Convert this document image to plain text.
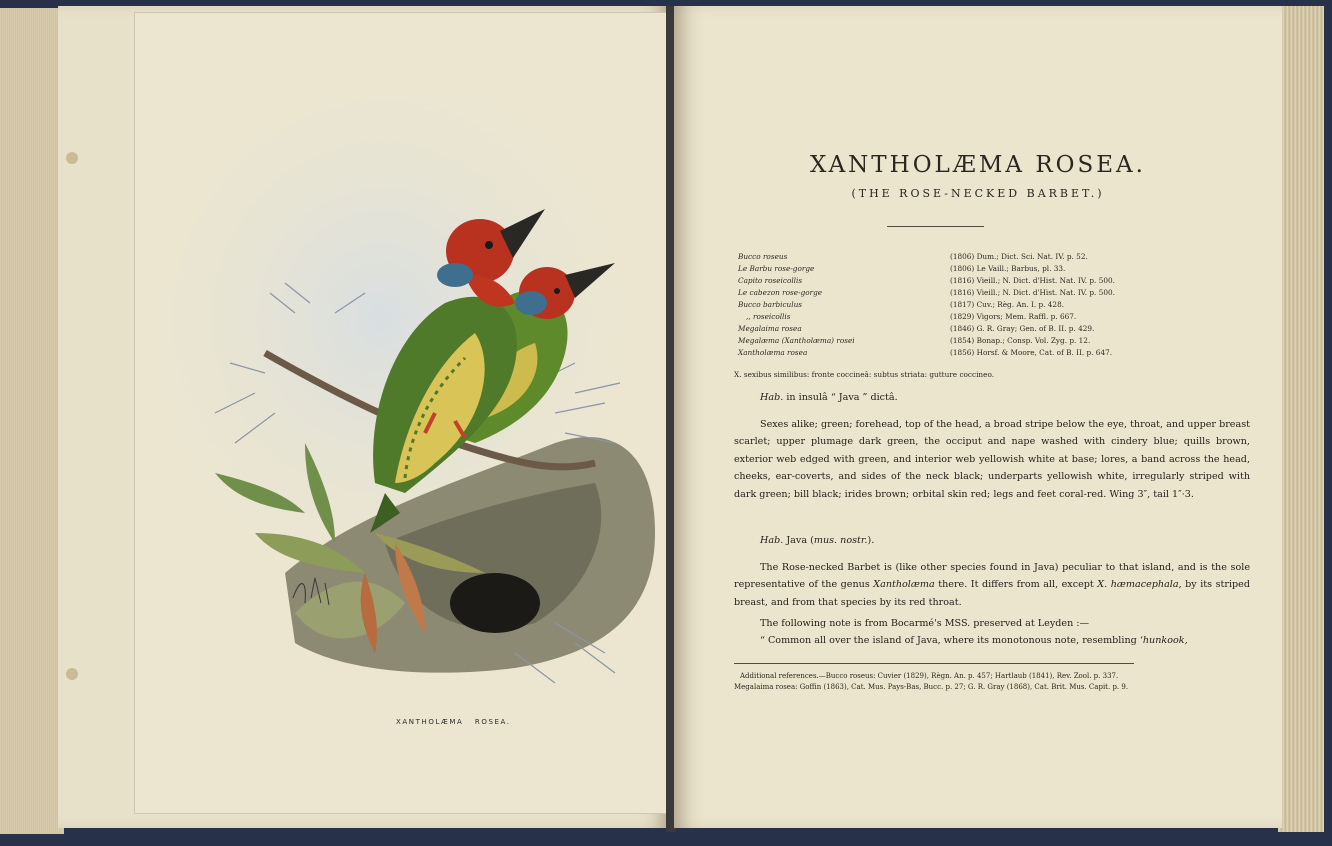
XANTHOLÆMA   ROSEA.
XANTHOLÆMA ROSEA.
(THE ROSE-NECKED BARBET.)
Bucco roseus	(1806) Dum.; Dict. Sci. Nat. IV. p. 52.
Le Barbu rose-gorge	(1806) Le Vaill.; Barbus, pl. 33.
Capito roseicollis	(1816) Vieill.; N. Dict. d'Hist. Nat. IV. p. 500.
Le cabezon rose-gorge	(1816) Vieill.; N. Dict. d'Hist. Nat. IV. p. 500.
Bucco barbiculus	(1817) Cuv.; Règ. An. I. p. 428.
,, roseicollis	(1829) Vigors; Mem. Raffl. p. 667.
Megalaima rosea	(1846) G. R. Gray; Gen. of B. II. p. 429.
Megalæma (Xantholæma) rosei	(1854) Bonap.; Consp. Vol. Zyg. p. 12.
Xantholæma rosea	(1856) Horsf. & Moore, Cat. of B. II. p. 647.
X. sexibus similibus: fronte coccineâ: subtus striata: gutture coccineo.
Hab. in insulâ “ Java ” dictâ.
Sexes alike; green; forehead, top of the head, a broad stripe below the eye, throat, and upper breast scarlet; upper plumage dark green, the occiput and nape washed with cindery blue; quills brown, exterior web edged with green, and interior web yellowish white at base; lores, a band across the head, cheeks, ear-coverts, and sides of the neck black; underparts yellowish white, irregularly striped with dark green; bill black; irides brown; orbital skin red; legs and feet coral-red. Wing 3″, tail 1″·3.
Hab. Java (mus. nostr.).
The Rose-necked Barbet is (like other species found in Java) peculiar to that island, and is the sole representative of the genus Xantholæma there. It differs from all, except X. hæmacephala, by its striped breast, and from that species by its red throat.
The following note is from Bocarmé's MSS. preserved at Leyden :—
“ Common all over the island of Java, where its monotonous note, resembling ‘hunkook,
Additional references.—Bucco roseus: Cuvier (1829), Règn. An. p. 457; Hartlaub (1841), Rev. Zool. p. 337.
Megalaima rosea: Goffin (1863), Cat. Mus. Pays-Bas, Bucc. p. 27; G. R. Gray (1868), Cat. Brit. Mus. Capit. p. 9.
